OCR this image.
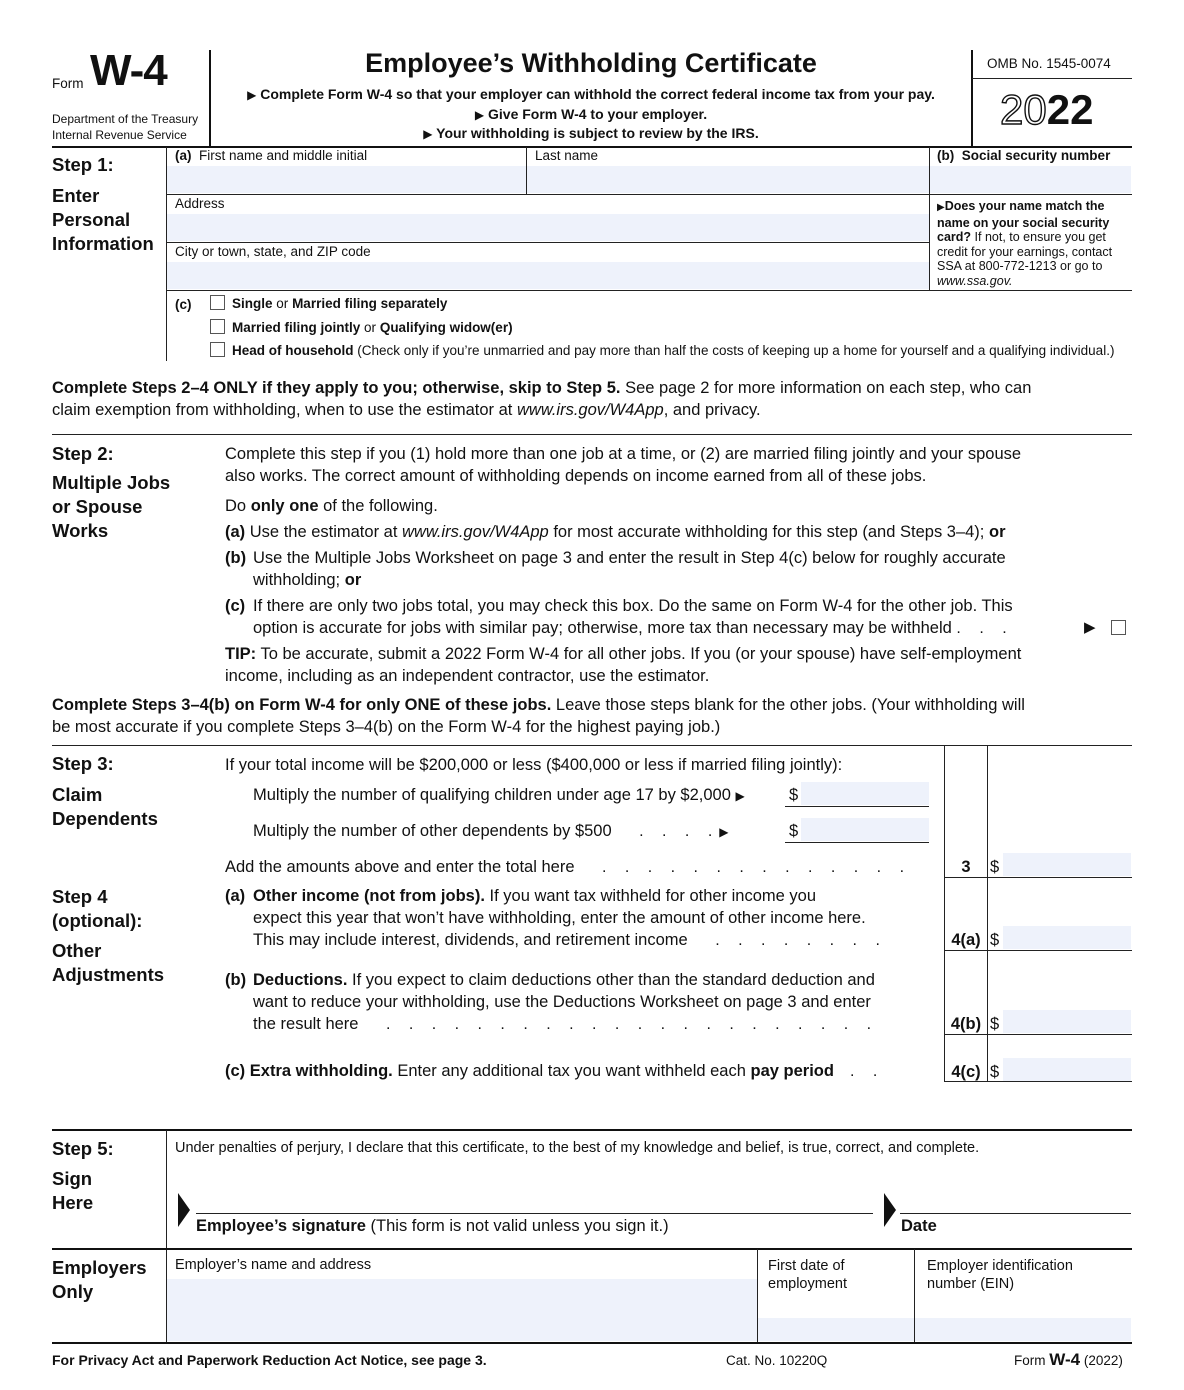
Form W-4
Department of the Treasury
Internal Revenue Service
Employee’s Withholding Certificate
▶ Complete Form W-4 so that your employer can withhold the correct federal income tax from your pay.
▶ Give Form W-4 to your employer.
▶ Your withholding is subject to review by the IRS.
OMB No. 1545-0074
2022
Step 1:
Enter
Personal
Information
(a) First name and middle initial	Last name	(b) Social security number
Address
City or town, state, and ZIP code
▶Does your name match the
name on your social security
card? If not, to ensure you get
credit for your earnings, contact
SSA at 800-772-1213 or go to
www.ssa.gov.
(c)	Single or Married filing separately
Married filing jointly or Qualifying widow(er)
Head of household (Check only if you’re unmarried and pay more than half the costs of keeping up a home for yourself and a qualifying individual.)
Complete Steps 2–4 ONLY if they apply to you; otherwise, skip to Step 5. See page 2 for more information on each step, who can
claim exemption from withholding, when to use the estimator at www.irs.gov/W4App, and privacy.
Step 2:
Multiple Jobs
or Spouse
Works
Complete this step if you (1) hold more than one job at a time, or (2) are married filing jointly and your spouse
also works. The correct amount of withholding depends on income earned from all of these jobs.
Do only one of the following.
(a) Use the estimator at www.irs.gov/W4App for most accurate withholding for this step (and Steps 3–4); or
(b) Use the Multiple Jobs Worksheet on page 3 and enter the result in Step 4(c) below for roughly accurate
withholding; or
(c) If there are only two jobs total, you may check this box. Do the same on Form W-4 for the other job. This
option is accurate for jobs with similar pay; otherwise, more tax than necessary may be withheld . . .	▶
TIP: To be accurate, submit a 2022 Form W-4 for all other jobs. If you (or your spouse) have self-employment
income, including as an independent contractor, use the estimator.
Complete Steps 3–4(b) on Form W-4 for only ONE of these jobs. Leave those steps blank for the other jobs. (Your withholding will
be most accurate if you complete Steps 3–4(b) on the Form W-4 for the highest paying job.)
Step 3:
Claim
Dependents
If your total income will be $200,000 or less ($400,000 or less if married filing jointly):
Multiply the number of qualifying children under age 17 by $2,000 ▶	$
Multiply the number of other dependents by $500   . . . .▶	$
Add the amounts above and enter the total here   . . . . . . . . . . . . . .	3	$
Step 4
(optional):
Other
Adjustments
(a) Other income (not from jobs). If you want tax withheld for other income you
expect this year that won’t have withholding, enter the amount of other income here.
This may include interest, dividends, and retirement income   . . . . . . . .	4(a) $
(b) Deductions. If you expect to claim deductions other than the standard deduction and
want to reduce your withholding, use the Deductions Worksheet on page 3 and enter
the result here   . . . . . . . . . . . . . . . . . . . . . .	4(b) $
(c) Extra withholding. Enter any additional tax you want withheld each pay period  . .	4(c) $
Step 5:
Sign
Here
Under penalties of perjury, I declare that this certificate, to the best of my knowledge and belief, is true, correct, and complete.
Employee’s signature (This form is not valid unless you sign it.)	Date
Employers
Only
Employer’s name and address	First date of
employment
Employer identification
number (EIN)
For Privacy Act and Paperwork Reduction Act Notice, see page 3.	Cat. No. 10220Q	Form W-4 (2022)
